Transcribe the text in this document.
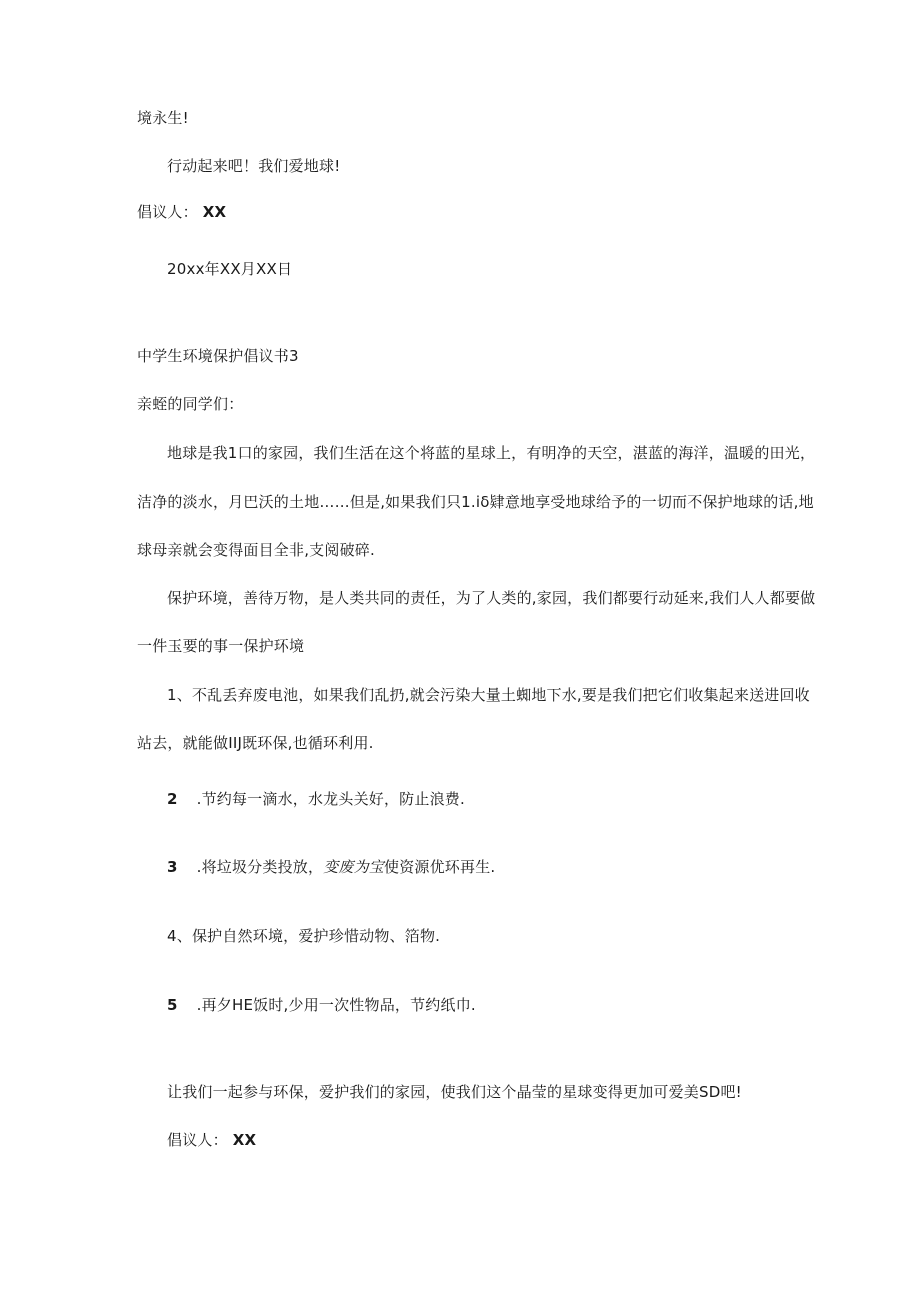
境永生!
行动起来吧！我们爱地球!
倡议人： XX
20xx年XX月XX日
中学生环境保护倡议书3
亲蛭的同学们：
地球是我1口的家园，我们生活在这个将蓝的星球上，有明净的天空，湛蓝的海洋，温暖的田光，
洁净的淡水，月巴沃的土地……但是,如果我们只1.iδ肄意地享受地球给予的一切而不保护地球的话,地
球母亲就会变得面目全非,支阅破碎.
保护环境，善待万物，是人类共同的责任，为了人类的,家园，我们都要行动延来,我们人人都要做
一件玉要的事一保护环境
1、不乱丢弃废电池，如果我们乱扔,就会污染大量土蜘地下水,要是我们把它们收集起来送进回收
站去，就能做IIJ既环保,也循环利用.
2 .节约每一滴水，水龙头关好，防止浪费.
3 .将垃圾分类投放，变废为宝使资源优环再生.
4、保护自然环境，爱护珍惜动物、箔物.
5 .再夕HE饭时,少用一次性物品，节约纸巾.
让我们一起参与环保，爱护我们的家园，使我们这个晶莹的星球变得更加可爱美SD吧!
倡议人： XX
